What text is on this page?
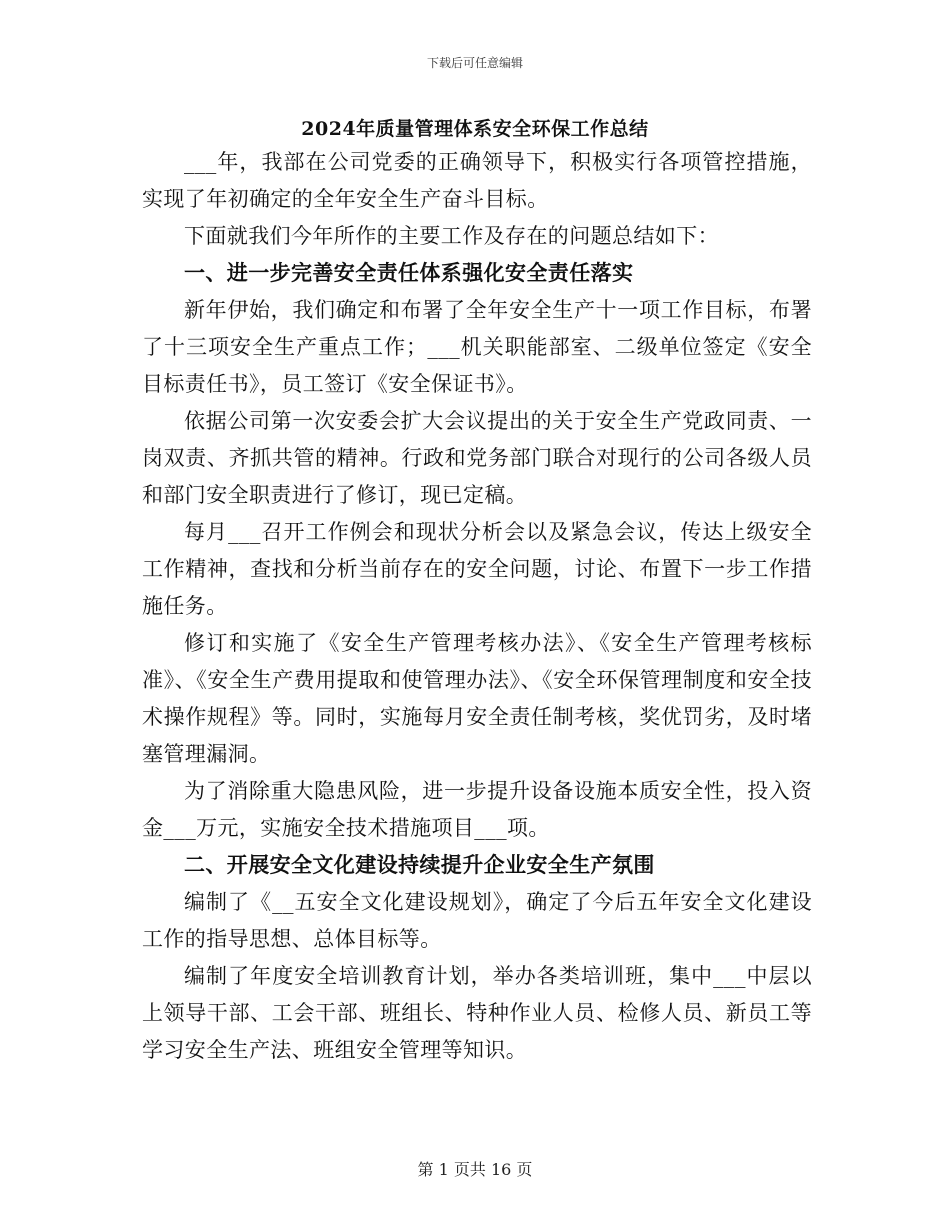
下载后可任意编辑
2024年质量管理体系安全环保工作总结

___年，我部在公司党委的正确领导下，积极实行各项管控措施，实现了年初确定的全年安全生产奋斗目标。

下面就我们今年所作的主要工作及存在的问题总结如下：

一、进一步完善安全责任体系强化安全责任落实

新年伊始，我们确定和布署了全年安全生产十一项工作目标，布署了十三项安全生产重点工作；___机关职能部室、二级单位签定《安全目标责任书》，员工签订《安全保证书》。

依据公司第一次安委会扩大会议提出的关于安全生产党政同责、一岗双责、齐抓共管的精神。行政和党务部门联合对现行的公司各级人员和部门安全职责进行了修订，现已定稿。

每月___召开工作例会和现状分析会以及紧急会议，传达上级安全工作精神，查找和分析当前存在的安全问题，讨论、布置下一步工作措施任务。

修订和实施了《安全生产管理考核办法》、《安全生产管理考核标准》、《安全生产费用提取和使管理办法》、《安全环保管理制度和安全技术操作规程》等。同时，实施每月安全责任制考核，奖优罚劣，及时堵塞管理漏洞。

为了消除重大隐患风险，进一步提升设备设施本质安全性，投入资金___万元，实施安全技术措施项目___项。

二、开展安全文化建设持续提升企业安全生产氛围

编制了《__五安全文化建设规划》，确定了今后五年安全文化建设工作的指导思想、总体目标等。

编制了年度安全培训教育计划，举办各类培训班，集中___中层以上领导干部、工会干部、班组长、特种作业人员、检修人员、新员工等学习安全生产法、班组安全管理等知识。

第 1 页共 16 页
